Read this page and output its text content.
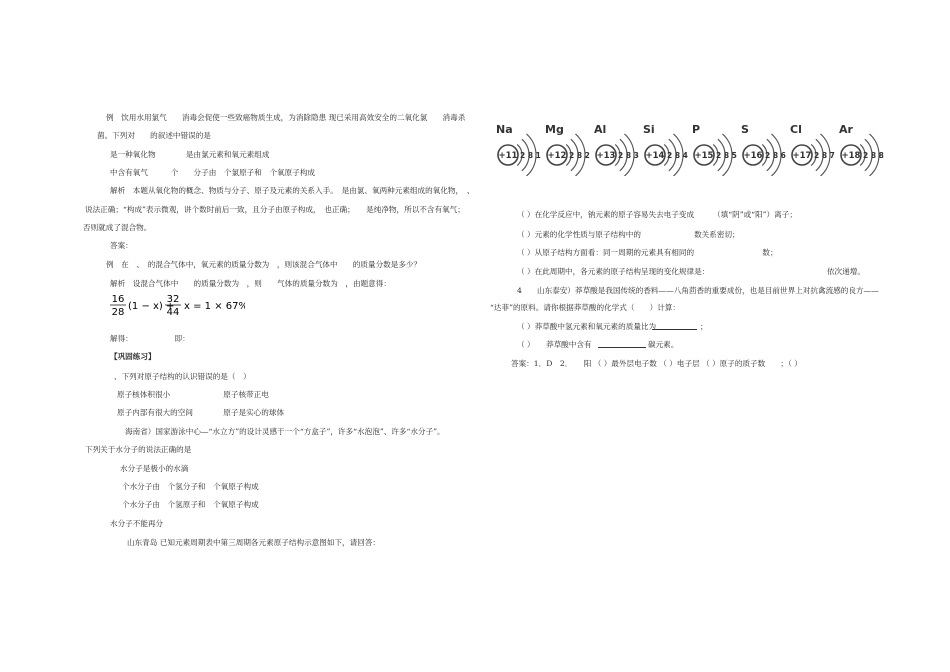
例　饮用水用氯气　　消毒会促使一些致癌物质生成，为消除隐患 现已采用高效安全的二氧化氯　　消毒杀
菌。下列对　　的叙述中错误的是
是一种氧化物　　　　是由氯元素和氧元素组成
中含有氧气　　　个　　分子由　个氯原子和　个氧原子构成
解析　本题从氧化物的概念、物质与分子、原子及元素的关系入手。　是由氯、氧两种元素组成的氧化物，　、
说法正确；“构成”表示微观，讲个数时前后一致，且分子由原子构成，　也正确；　　是纯净物，所以不含有氧气；
否则就成了混合物。
答案：
例　在　、　的混合气体中，氧元素的质量分数为　，则该混合气体中　　的质量分数是多少？
解析　设混合气体中　　的质量分数为　，则　　气体的质量分数为　，由题意得：
解得：　　　　　　即：
【巩固练习】
、下列对原子结构的认识错误的是（　）
原子核体积很小　　　　　　　原子核带正电
原子内部有很大的空间　　　　原子是实心的球体
海南省）国家游泳中心—“水立方”的设计灵感于一个“方盒子”，许多“水泡泡”、许多“水分子”。
下列关于水分子的说法正确的是
水分子是极小的水滴
个水分子由　个氢分子和　个氧原子构成
个水分子由　个氢原子和　个氧原子构成
水分子不能再分
山东青岛 已知元素周期表中第三周期各元素原子结构示意图如下，请回答：
16
28
(1 − x) +
32
44
x = 1 × 67%
Na
+11 2 8 1
Mg
+12 2 8 2
Al
+13 2 8 3
Si
+14 2 8 4
P
+15 2 8 5
S
+16 2 8 6
Cl
+17 2 8 7
Ar
+18 2 8 8
（ ）在化学反应中，钠元素的原子容易失去电子变成　　　（填“阴”或“阳”）离子；
（ ）元素的化学性质与原子结构中的　　　　　　　数关系密切；
（ ）从原子结构方面看：同一周期的元素具有相同的　　　　　　　　　数；
（ ）在此周期中，各元素的原子结构呈现的变化规律是：　　　　　　　　　　　　　　　　依次递增。
4　　山东泰安）莽草酸是我国传统的香料——八角茴香的重要成份，也是目前世界上对抗禽流感的良方——
“达菲”的原料。请你根据莽草酸的化学式（　　）计算：
（ ）莽草酸中氢元素和氧元素的质量比为
（ ）　　莽草酸中含有
答案：1．D　2．　　阳 （ ）最外层电子数 （ ）电子层 （ ）原子的质子数　　；（ ）
；
碳元素。
